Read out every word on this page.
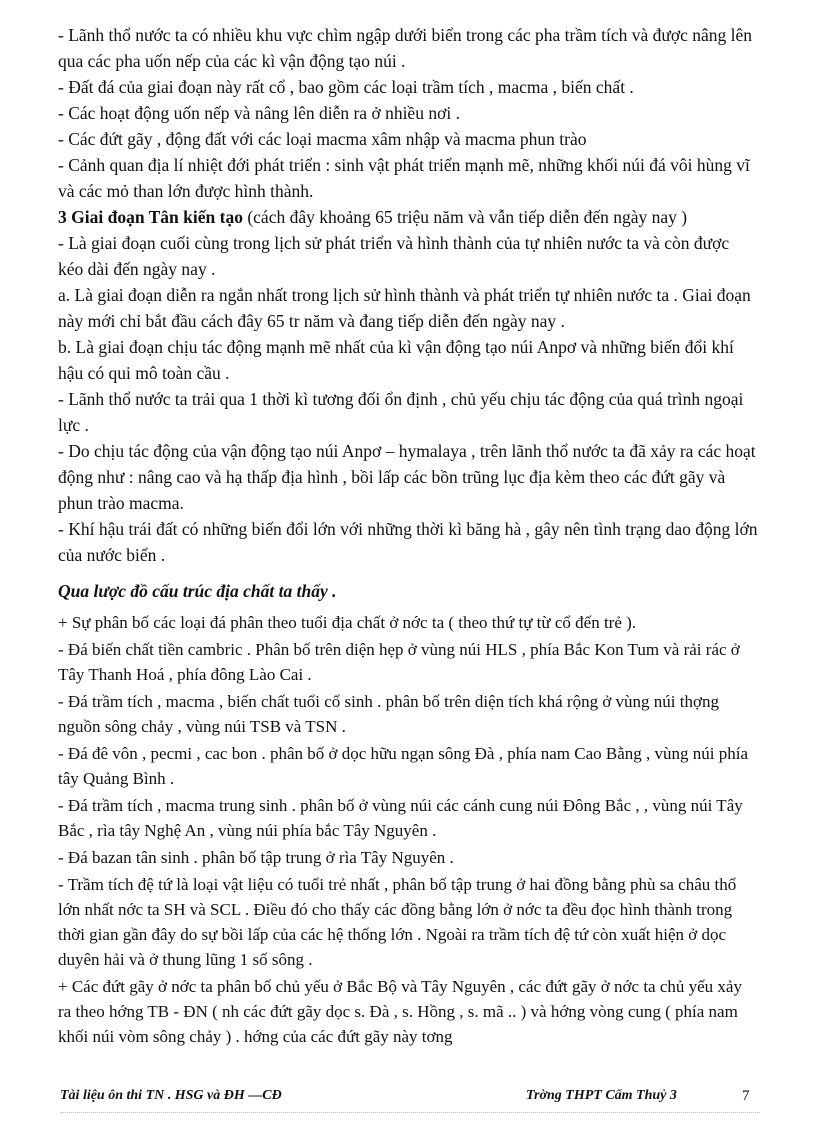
- Lãnh thổ nước ta có nhiều khu vực chìm ngập dưới biển trong các pha trầm tích và được nâng lên qua các pha uốn nếp của các kì vận động tạo núi .

- Đất đá của giai đoạn này rất cổ , bao gồm các loại trầm tích , macma , biến chất .

- Các hoạt động uốn nếp và nâng lên diễn ra ở nhiều nơi .

- Các đứt gãy , động đất với các loại macma xâm nhập và macma phun trào

- Cảnh quan địa lí nhiệt đới phát triển : sinh vật phát triển mạnh mẽ, những khối núi đá vôi hùng vĩ và các mỏ than lớn được hình thành.

3 Giai đoạn Tân kiến tạo (cách đây khoảng 65 triệu năm và vẫn tiếp diễn đến ngày nay )

- Là giai đoạn cuối cùng trong lịch sử phát triển và hình thành của tự nhiên nước ta và còn được kéo dài đến ngày nay .

a. Là giai đoạn diễn ra ngắn nhất trong lịch sử hình thành và phát triển tự nhiên nước ta . Giai đoạn này mới chỉ bắt đầu cách đây 65 tr năm và đang tiếp diễn đến ngày nay .

b. Là giai đoạn chịu tác động mạnh mẽ nhất của kì vận động tạo núi Anpơ và những biến đổi khí hậu có qui mô toàn cầu .

- Lãnh thổ nước ta trải qua 1 thời kì tương đối ổn định , chủ yếu chịu tác động của quá trình ngoại lực .

- Do chịu tác động của vận động tạo núi Anpơ – hymalaya , trên lãnh thổ nước ta đã xảy ra các hoạt động như : nâng cao và hạ thấp địa hình , bồi lấp các bồn trũng lục địa kèm theo các đứt gãy và phun trào macma.

- Khí hậu trái đất có những biến đổi lớn với những thời kì băng hà , gây nên tình trạng dao động lớn của nước biển .

Qua lược đồ cấu trúc địa chất ta thấy .

+ Sự phân bố các loại đá phân theo tuổi địa chất ở nớc ta ( theo thứ tự từ cổ đến trẻ ).

- Đá biến chất tiền cambric . Phân bố trên diện hẹp ở vùng núi HLS , phía Bắc Kon Tum và rải rác ở Tây Thanh Hoá , phía đông Lào Cai .

- Đá trầm tích , macma , biến chất tuổi cổ sinh . phân bố trên diện tích khá rộng ở vùng núi thợng nguồn sông chảy , vùng núi TSB và TSN .

- Đá đê vôn , pecmi , cac bon . phân bố ở dọc hữu ngạn sông Đà , phía nam Cao Bằng , vùng núi phía tây Quảng Bình .

- Đá trầm tích , macma trung sinh . phân bố ở vùng núi các cánh cung núi Đông Bắc , , vùng núi Tây Bắc , rìa tây Nghệ An , vùng núi phía bắc Tây Nguyên .

- Đá bazan tân sinh . phân bố tập trung ở rìa Tây Nguyên .

- Trầm tích đệ tứ là loại vật liệu có tuổi trẻ nhất , phân bố tập trung ở hai đồng bằng phù sa châu thổ lớn nhất nớc ta SH và SCL . Điều đó cho thấy các đồng bằng lớn ở nớc ta đều đọc hình thành trong thời gian gần đây do sự bồi lấp của các hệ thống lớn . Ngoài ra trầm tích đệ tứ còn xuất hiện ở dọc duyên hải và ở thung lũng 1 số sông .

+ Các đứt gãy ở nớc ta phân bố chủ yếu ở Bắc Bộ và Tây Nguyên , các đứt gãy ở nớc ta chủ yếu xảy ra theo hớng TB - ĐN ( nh các đứt gãy dọc s. Đà , s. Hồng , s. mã .. ) và hớng vòng cung ( phía nam khối núi vòm sông chảy ) . hớng của các đứt gãy này tơng

Tài liệu ôn thi TN . HSG và ĐH —CĐ	Trờng THPT Cẩm Thuỷ 3	7
